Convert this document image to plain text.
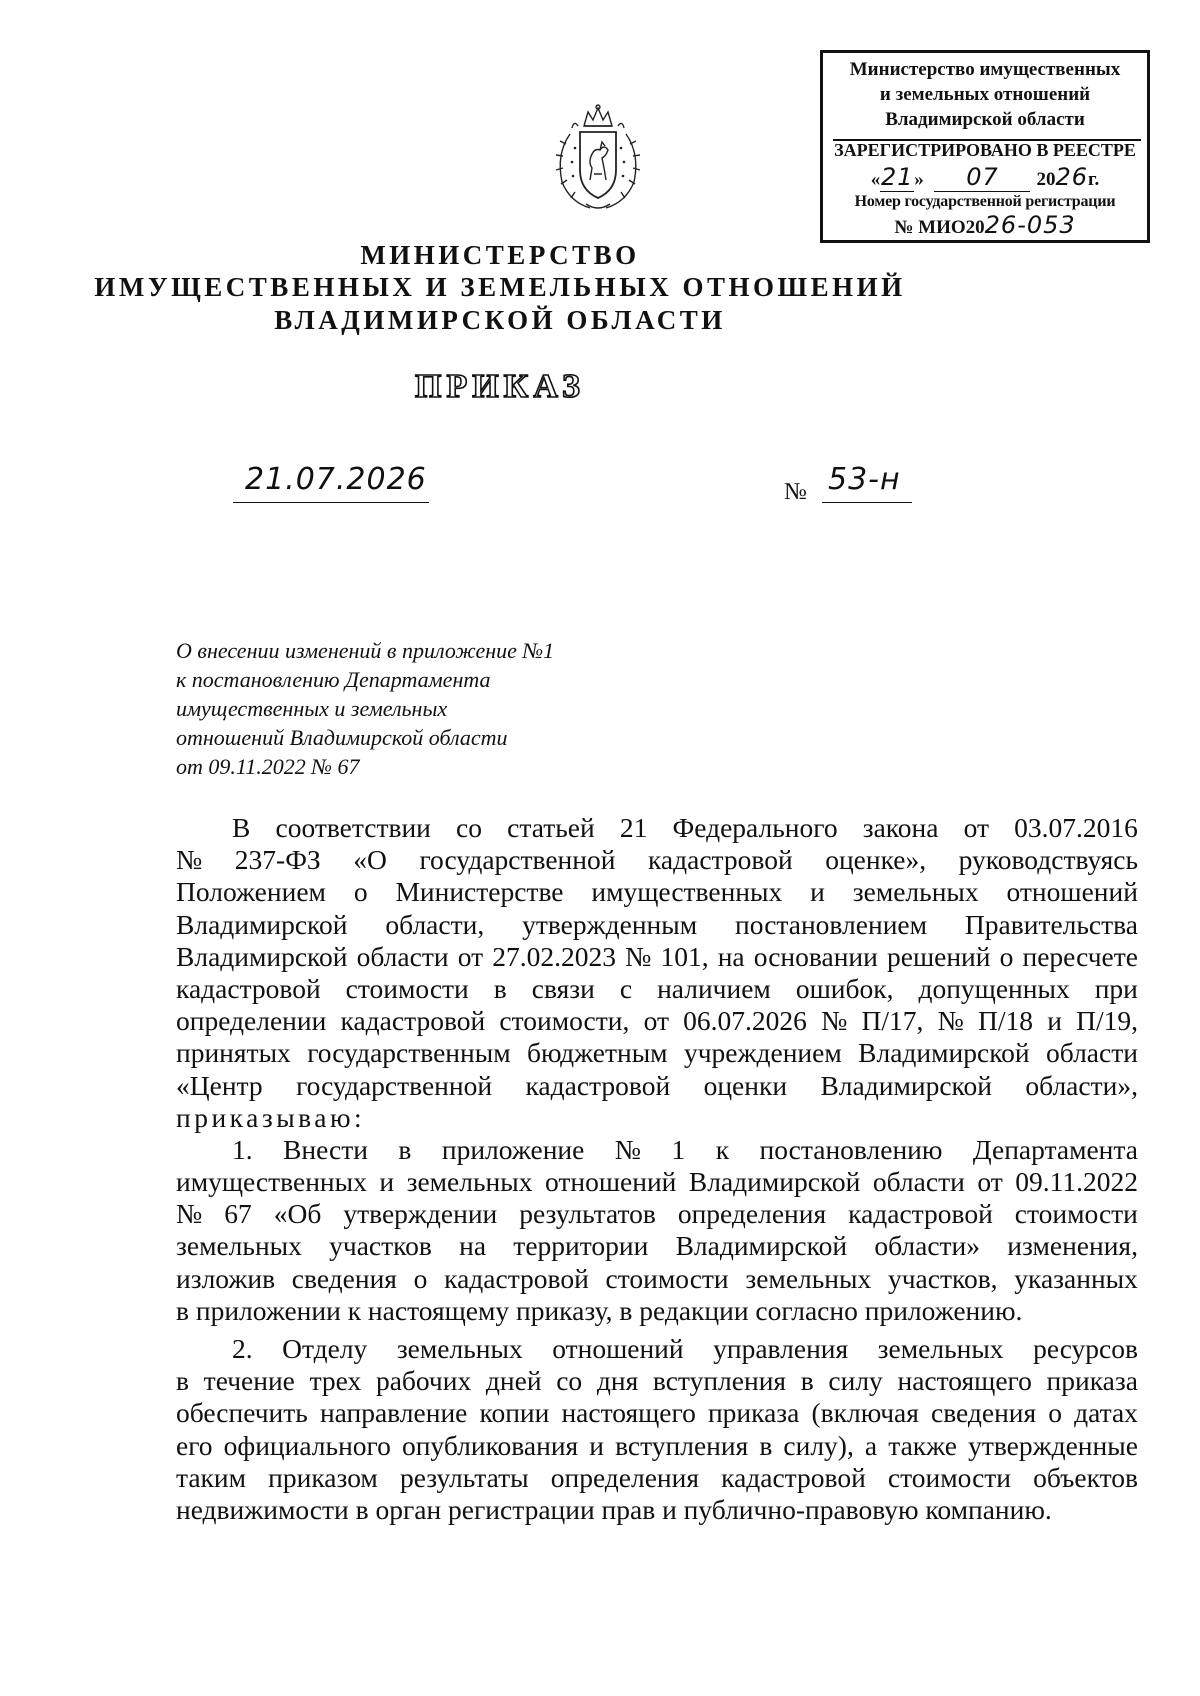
Министерство имущественных
и земельных отношений
Владимирской области
ЗАРЕГИСТРИРОВАНО В РЕЕСТРЕ
«21» 07 2026г.
Номер государственной регистрации
№ МИО2026-053
МИНИСТЕРСТВО
ИМУЩЕСТВЕННЫХ И ЗЕМЕЛЬНЫХ ОТНОШЕНИЙ
ВЛАДИМИРСКОЙ ОБЛАСТИ
ПРИКАЗ
21.07.2026	№ 53-н
О внесении изменений в приложение №1
к постановлению Департамента
имущественных и земельных
отношений Владимирской области
от 09.11.2022 № 67
В соответствии со статьей 21 Федерального закона от 03.07.2016
№ 237-ФЗ «О государственной кадастровой оценке», руководствуясь
Положением о Министерстве имущественных и земельных отношений
Владимирской области, утвержденным постановлением Правительства
Владимирской области от 27.02.2023 № 101, на основании решений о пересчете
кадастровой стоимости в связи с наличием ошибок, допущенных при
определении кадастровой стоимости, от 06.07.2026 № П/17, № П/18 и П/19,
принятых государственным бюджетным учреждением Владимирской области
«Центр государственной кадастровой оценки Владимирской области»,
приказываю:
1. Внести в приложение № 1 к постановлению Департамента
имущественных и земельных отношений Владимирской области от 09.11.2022
№ 67 «Об утверждении результатов определения кадастровой стоимости
земельных участков на территории Владимирской области» изменения,
изложив сведения о кадастровой стоимости земельных участков, указанных
в приложении к настоящему приказу, в редакции согласно приложению.
2. Отделу земельных отношений управления земельных ресурсов
в течение трех рабочих дней со дня вступления в силу настоящего приказа
обеспечить направление копии настоящего приказа (включая сведения о датах
его официального опубликования и вступления в силу), а также утвержденные
таким приказом результаты определения кадастровой стоимости объектов
недвижимости в орган регистрации прав и публично-правовую компанию.
